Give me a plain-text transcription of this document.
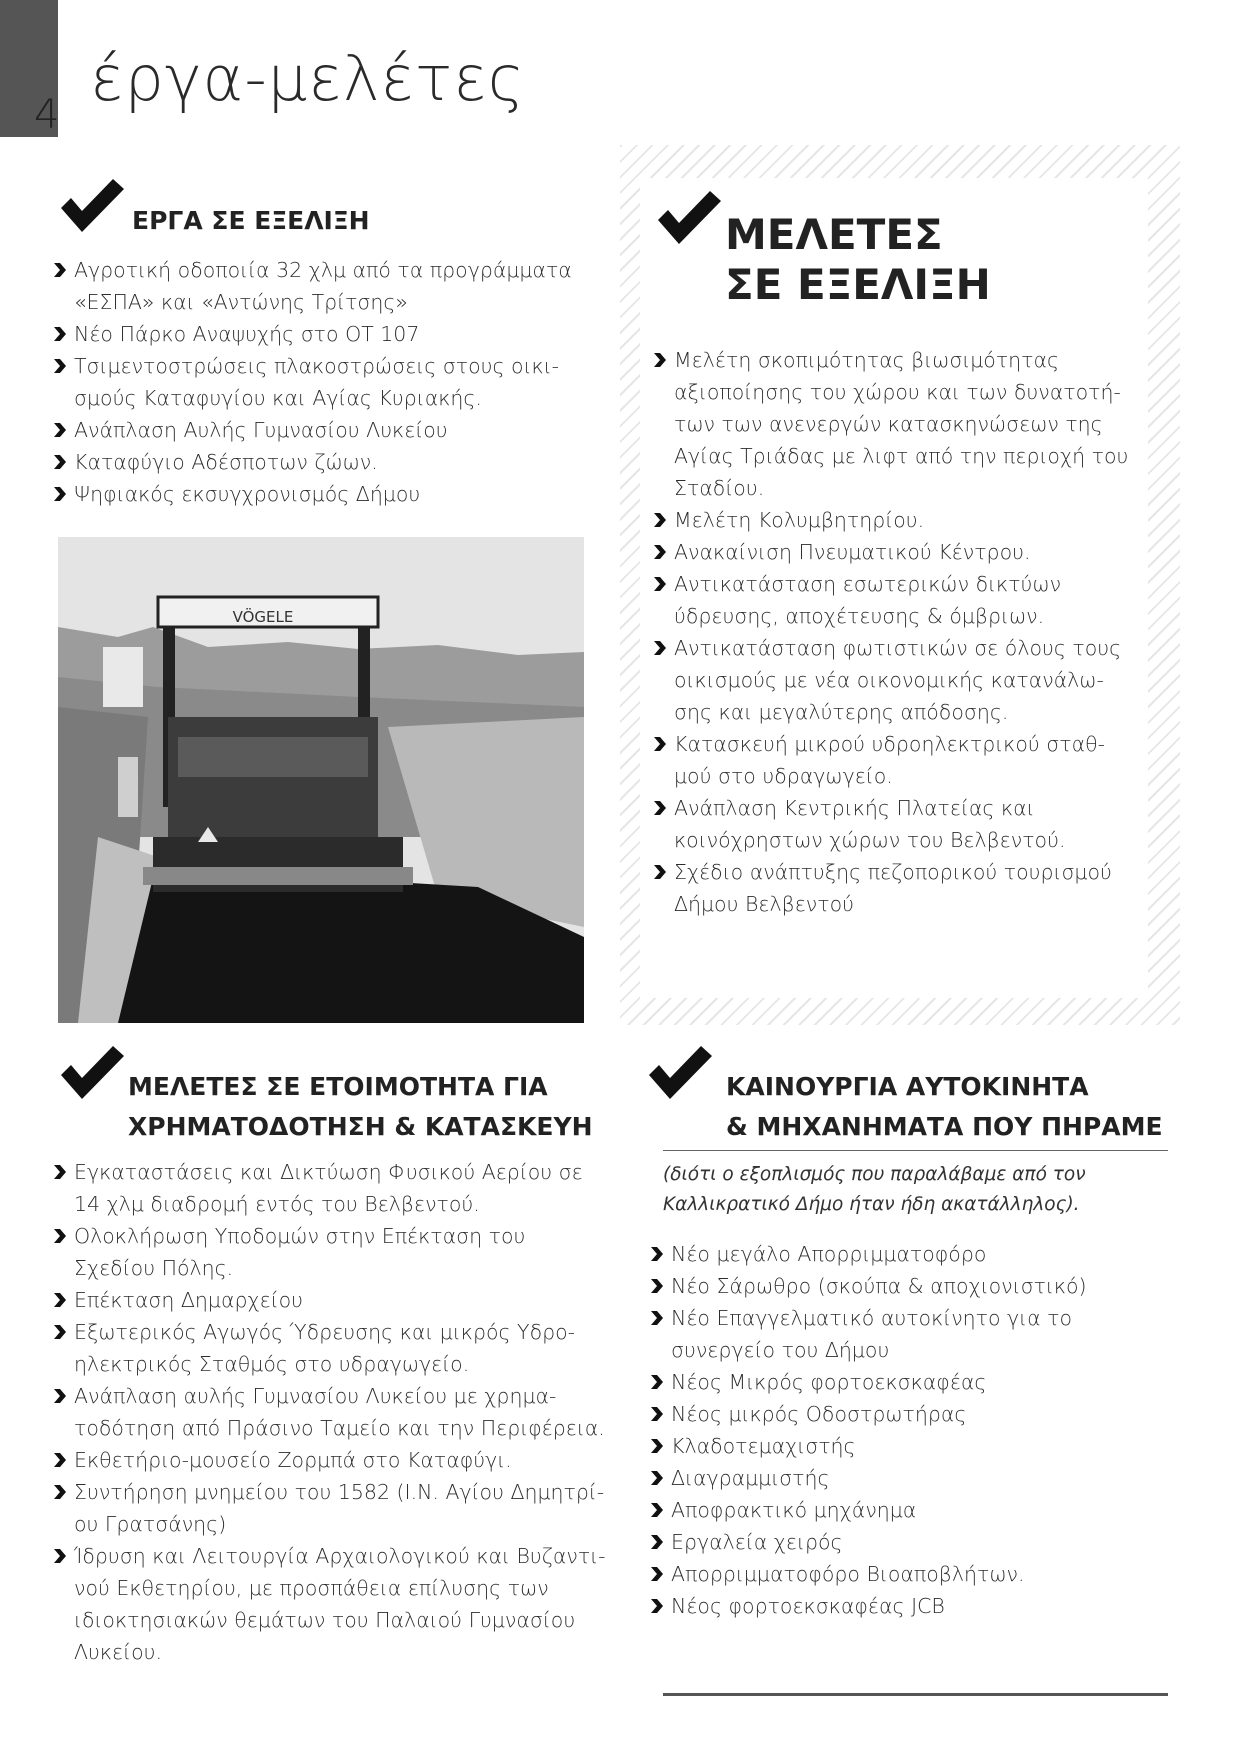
4 έργα-μελέτες
ΕΡΓΑ ΣΕ ΕΞΕΛΙΞΗ
Αγροτική οδοποιία 32 χλμ από τα προγράμματα
«ΕΣΠΑ» και «Αντώνης Τρίτσης»
Νέο Πάρκο Αναψυχής στο ΟΤ 107
Τσιμεντοστρώσεις πλακοστρώσεις στους οικι-
σμούς Καταφυγίου και Αγίας Κυριακής.
Ανάπλαση Αυλής Γυμνασίου Λυκείου
Καταφύγιο Αδέσποτων ζώων.
Ψηφιακός εκσυγχρονισμός Δήμου
VÖGELE
ΜΕΛΕΤΕΣ
ΣΕ ΕΞΕΛΙΞΗ
Μελέτη σκοπιμότητας βιωσιμότητας
αξιοποίησης του χώρου και των δυνατοτή-
των των ανενεργών κατασκηνώσεων της
Αγίας Τριάδας με λιφτ από την περιοχή του
Σταδίου.
Μελέτη Κολυμβητηρίου.
Ανακαίνιση Πνευματικού Κέντρου.
Αντικατάσταση εσωτερικών δικτύων
ύδρευσης, αποχέτευσης & όμβριων.
Αντικατάσταση φωτιστικών σε όλους τους
οικισμούς με νέα οικονομικής κατανάλω-
σης και μεγαλύτερης απόδοσης.
Κατασκευή μικρού υδροηλεκτρικού σταθ-
μού στο υδραγωγείο.
Ανάπλαση Κεντρικής Πλατείας και
κοινόχρηστων χώρων του Βελβεντού.
Σχέδιο ανάπτυξης πεζοπορικού τουρισμού
Δήμου Βελβεντού
ΜΕΛΕΤΕΣ ΣΕ ΕΤΟΙΜΟΤΗΤΑ ΓΙΑ
ΧΡΗΜΑΤΟΔΟΤΗΣΗ & ΚΑΤΑΣΚΕΥΗ
Εγκαταστάσεις και Δικτύωση Φυσικού Αερίου σε
14 χλμ διαδρομή εντός του Βελβεντού.
Ολοκλήρωση Υποδομών στην Επέκταση του
Σχεδίου Πόλης.
Επέκταση Δημαρχείου
Εξωτερικός Αγωγός Ύδρευσης και μικρός Υδρο-
ηλεκτρικός Σταθμός στο υδραγωγείο.
Ανάπλαση αυλής Γυμνασίου Λυκείου με χρημα-
τοδότηση από Πράσινο Ταμείο και την Περιφέρεια.
Εκθετήριο-μουσείο Ζορμπά στο Καταφύγι.
Συντήρηση μνημείου του 1582 (Ι.Ν. Αγίου Δημητρί-
ου Γρατσάνης)
Ίδρυση και Λειτουργία Αρχαιολογικού και Βυζαντι-
νού Εκθετηρίου, με προσπάθεια επίλυσης των
ιδιοκτησιακών θεμάτων του Παλαιού Γυμνασίου
Λυκείου.
ΚΑΙΝΟΥΡΓΙΑ ΑΥΤΟΚΙΝΗΤΑ
& ΜΗΧΑΝΗΜΑΤΑ ΠΟΥ ΠΗΡΑΜΕ
(διότι ο εξοπλισμός που παραλάβαμε από τον
Καλλικρατικό Δήμο ήταν ήδη ακατάλληλος).
Νέο μεγάλο Απορριμματοφόρο
Νέο Σάρωθρο (σκούπα & αποχιονιστικό)
Νέο Επαγγελματικό αυτοκίνητο για το
συνεργείο του Δήμου
Νέος Μικρός φορτοεκσκαφέας
Νέος μικρός Οδοστρωτήρας
Κλαδοτεμαχιστής
Διαγραμμιστής
Αποφρακτικό μηχάνημα
Εργαλεία χειρός
Απορριμματοφόρο Βιοαποβλήτων.
Νέος φορτοεκσκαφέας JCB
